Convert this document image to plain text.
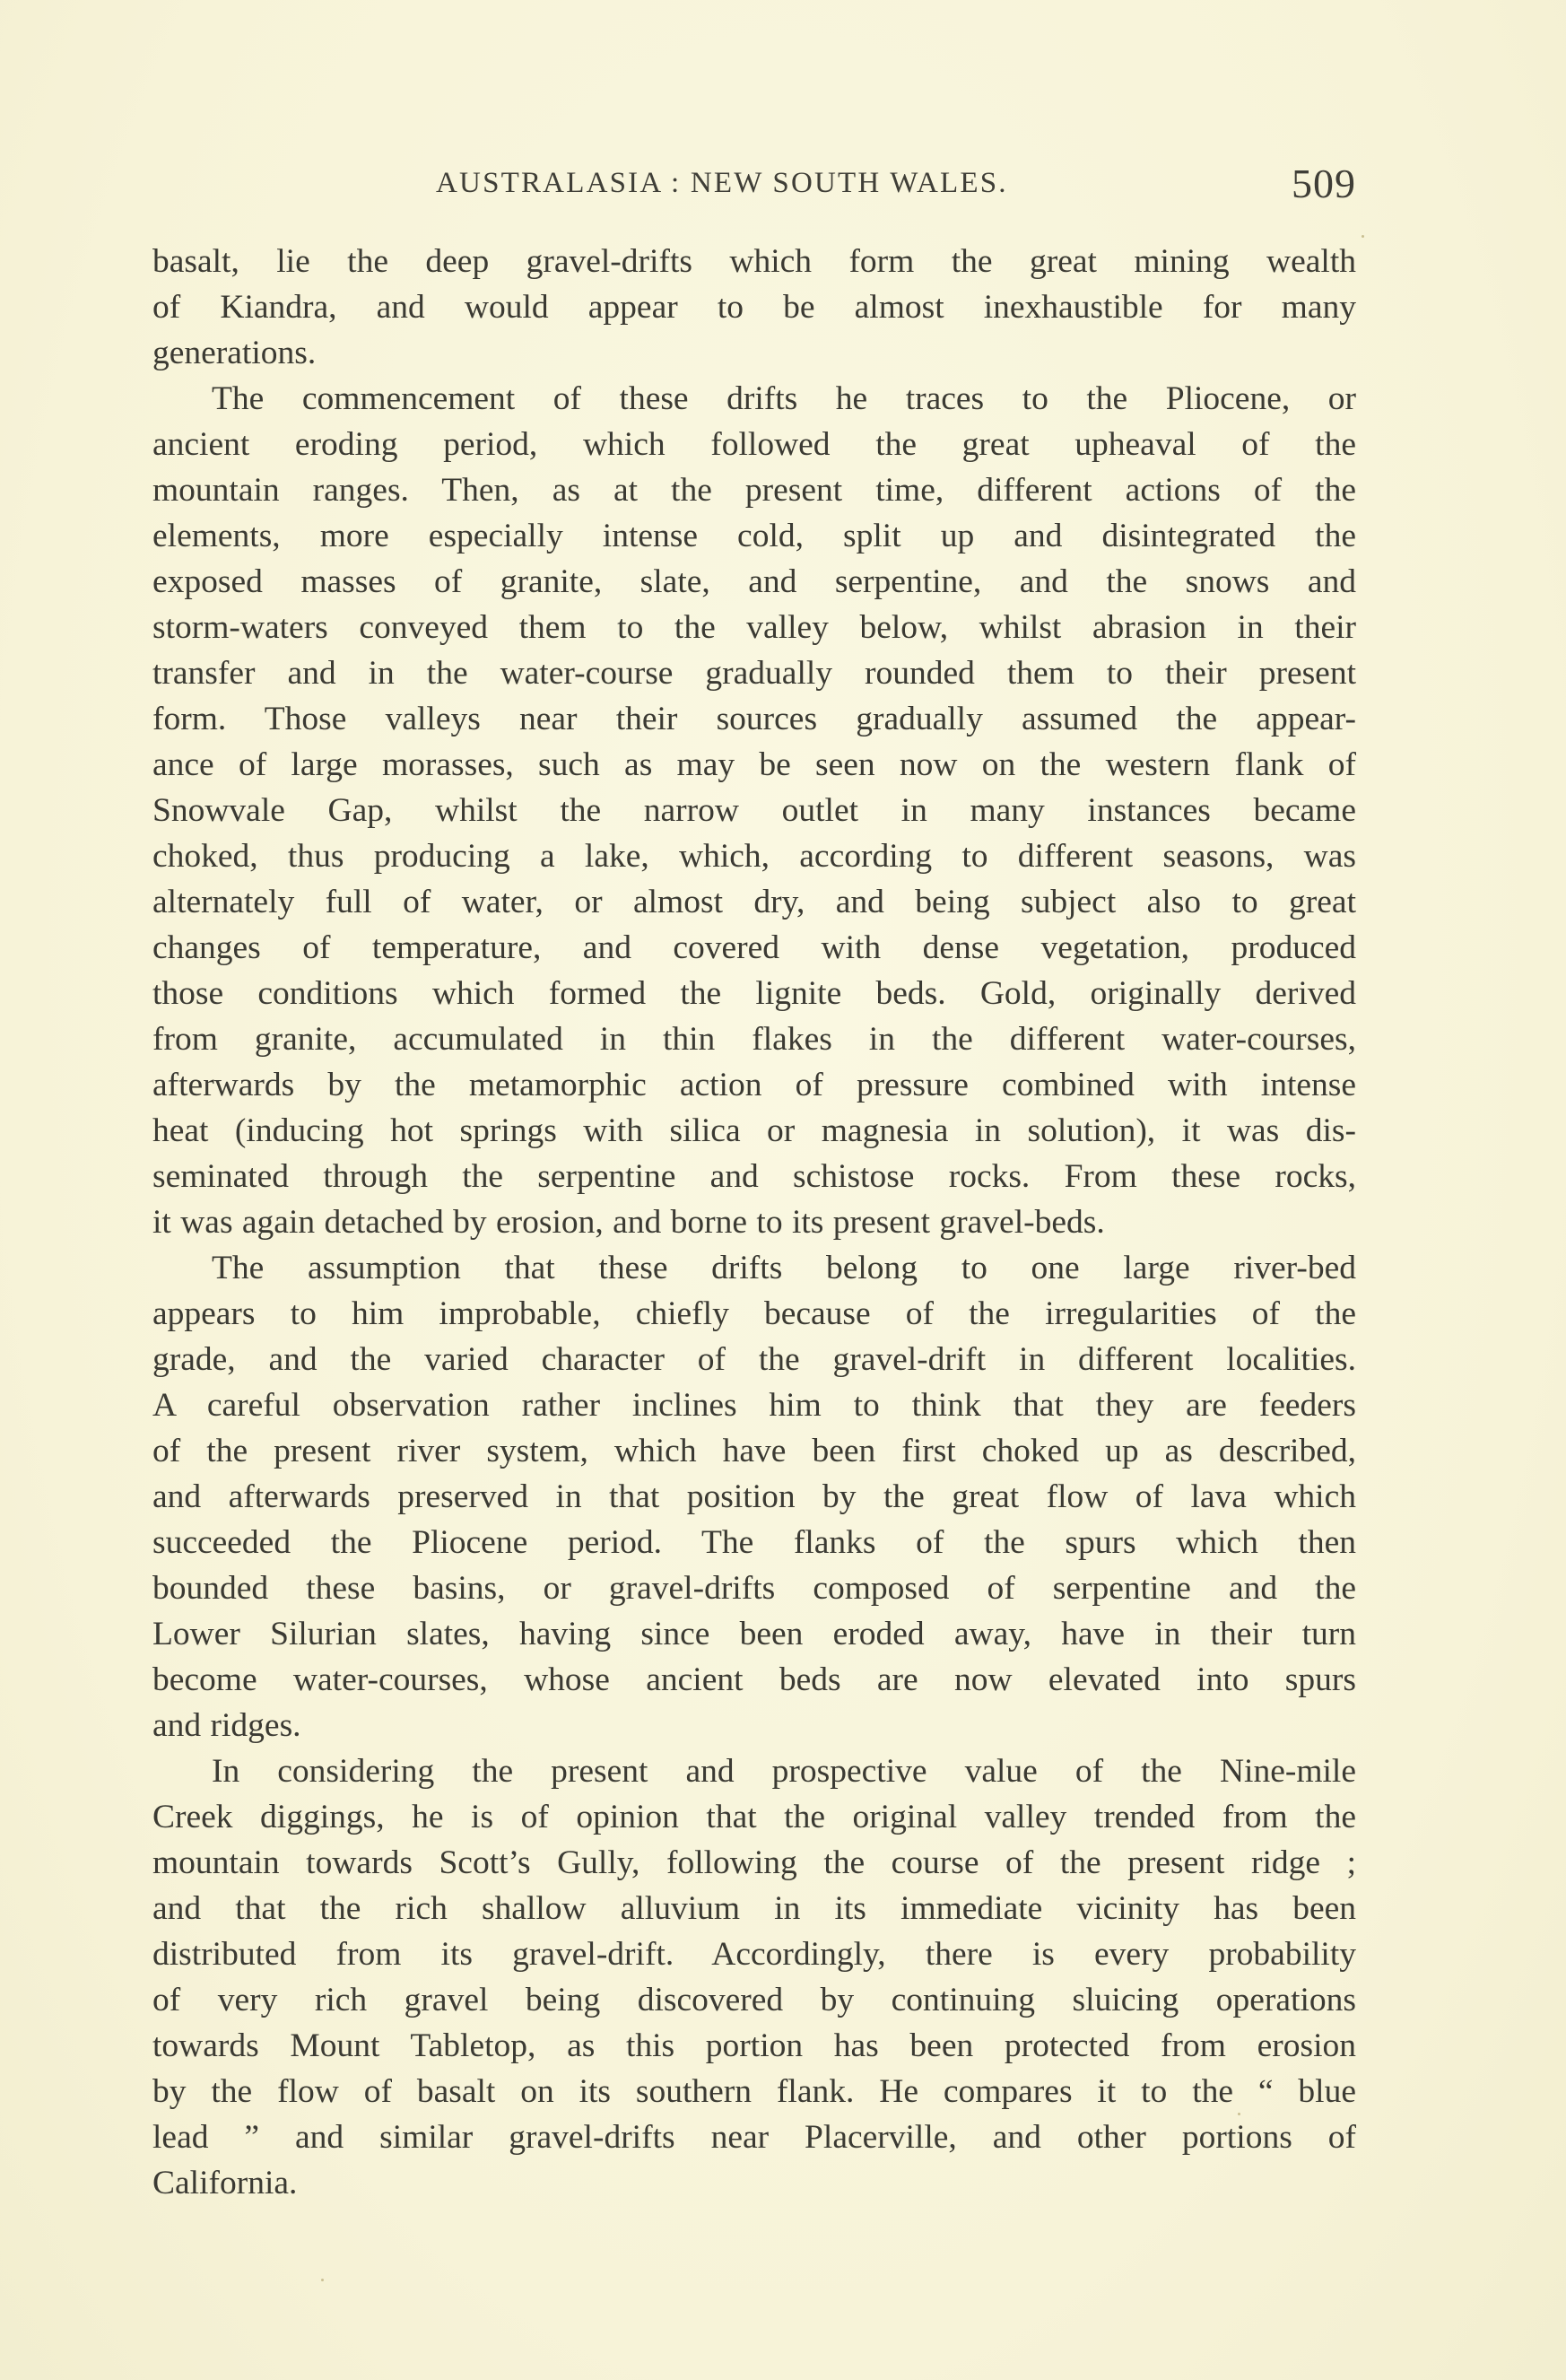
AUSTRALASIA : NEW SOUTH WALES.	509

basalt, lie the deep gravel-drifts which form the great mining wealth
of Kiandra, and would appear to be almost inexhaustible for many
generations.

The commencement of these drifts he traces to the Pliocene, or
ancient eroding period, which followed the great upheaval of the
mountain ranges. Then, as at the present time, different actions of the
elements, more especially intense cold, split up and disintegrated the
exposed masses of granite, slate, and serpentine, and the snows and
storm-waters conveyed them to the valley below, whilst abrasion in their
transfer and in the water-course gradually rounded them to their present
form. Those valleys near their sources gradually assumed the appear-
ance of large morasses, such as may be seen now on the western flank of
Snowvale Gap, whilst the narrow outlet in many instances became
choked, thus producing a lake, which, according to different seasons, was
alternately full of water, or almost dry, and being subject also to great
changes of temperature, and covered with dense vegetation, produced
those conditions which formed the lignite beds. Gold, originally derived
from granite, accumulated in thin flakes in the different water-courses,
afterwards by the metamorphic action of pressure combined with intense
heat (inducing hot springs with silica or magnesia in solution), it was dis-
seminated through the serpentine and schistose rocks. From these rocks,
it was again detached by erosion, and borne to its present gravel-beds.

The assumption that these drifts belong to one large river-bed
appears to him improbable, chiefly because of the irregularities of the
grade, and the varied character of the gravel-drift in different localities.
A careful observation rather inclines him to think that they are feeders
of the present river system, which have been first choked up as described,
and afterwards preserved in that position by the great flow of lava which
succeeded the Pliocene period. The flanks of the spurs which then
bounded these basins, or gravel-drifts composed of serpentine and the
Lower Silurian slates, having since been eroded away, have in their turn
become water-courses, whose ancient beds are now elevated into spurs
and ridges.

In considering the present and prospective value of the Nine-mile
Creek diggings, he is of opinion that the original valley trended from the
mountain towards Scott’s Gully, following the course of the present ridge ;
and that the rich shallow alluvium in its immediate vicinity has been
distributed from its gravel-drift. Accordingly, there is every probability
of very rich gravel being discovered by continuing sluicing operations
towards Mount Tabletop, as this portion has been protected from erosion
by the flow of basalt on its southern flank. He compares it to the “ blue
lead ” and similar gravel-drifts near Placerville, and other portions of
California.
